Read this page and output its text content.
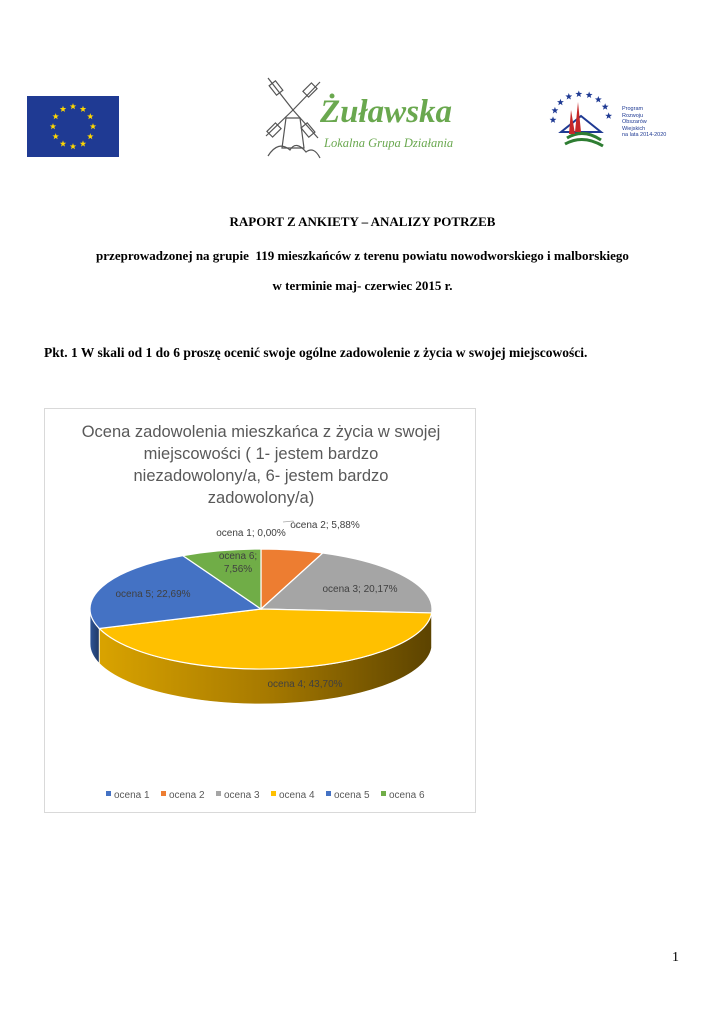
Żuławska
Lokalna Grupa Działania
Program
Rozwoju
Obszarów
Wiejskich
na lata 2014-2020
RAPORT Z ANKIETY – ANALIZY POTRZEB
przeprowadzonej na grupie  119 mieszkańców z terenu powiatu nowodworskiego i malborskiego
w terminie maj- czerwiec 2015 r.
Pkt. 1 W skali od 1 do 6 proszę ocenić swoje ogólne zadowolenie z życia w swojej miejscowości.
Ocena zadowolenia mieszkańca z życia w swojej
miejscowości ( 1- jestem bardzo
niezadowolony/a, 6- jestem bardzo
zadowolony/a)
ocena 1; 0,00%
ocena 2; 5,88%
ocena 3; 20,17%
ocena 4; 43,70%
ocena 5; 22,69%
ocena 6;
7,56%
ocena 1 ocena 2 ocena 3 ocena 4 ocena 5 ocena 6
1
